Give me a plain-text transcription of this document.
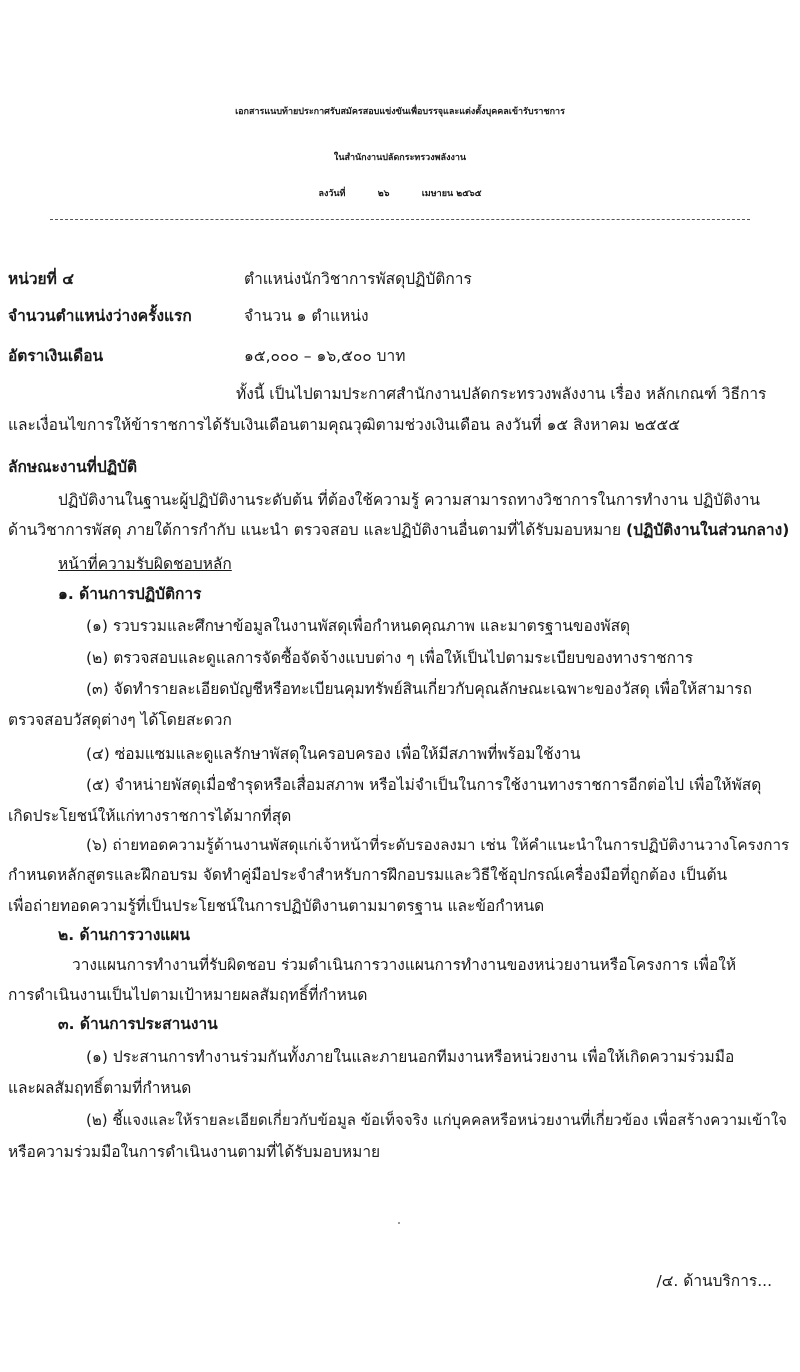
เอกสารแนบท้ายประกาศรับสมัครสอบแข่งขันเพื่อบรรจุและแต่งตั้งบุคคลเข้ารับราชการ
ในสำนักงานปลัดกระทรวงพลังงาน
ลงวันที่	๒๖	เมษายน ๒๕๖๕
หน่วยที่ ๔	ตำแหน่งนักวิชาการพัสดุปฏิบัติการ
จำนวนตำแหน่งว่างครั้งแรก	จำนวน ๑ ตำแหน่ง
อัตราเงินเดือน	๑๕,๐๐๐ – ๑๖,๕๐๐ บาท
ทั้งนี้ เป็นไปตามประกาศสำนักงานปลัดกระทรวงพลังงาน เรื่อง หลักเกณฑ์ วิธีการ
และเงื่อนไขการให้ข้าราชการได้รับเงินเดือนตามคุณวุฒิตามช่วงเงินเดือน ลงวันที่ ๑๕ สิงหาคม ๒๕๕๕
ลักษณะงานที่ปฏิบัติ
ปฏิบัติงานในฐานะผู้ปฏิบัติงานระดับต้น ที่ต้องใช้ความรู้ ความสามารถทางวิชาการในการทำงาน ปฏิบัติงาน
ด้านวิชาการพัสดุ ภายใต้การกำกับ แนะนำ ตรวจสอบ และปฏิบัติงานอื่นตามที่ได้รับมอบหมาย (ปฏิบัติงานในส่วนกลาง)
หน้าที่ความรับผิดชอบหลัก
๑. ด้านการปฏิบัติการ
(๑) รวบรวมและศึกษาข้อมูลในงานพัสดุเพื่อกำหนดคุณภาพ และมาตรฐานของพัสดุ
(๒) ตรวจสอบและดูแลการจัดซื้อจัดจ้างแบบต่าง ๆ เพื่อให้เป็นไปตามระเบียบของทางราชการ
(๓) จัดทำรายละเอียดบัญชีหรือทะเบียนคุมทรัพย์สินเกี่ยวกับคุณลักษณะเฉพาะของวัสดุ เพื่อให้สามารถ
ตรวจสอบวัสดุต่างๆ ได้โดยสะดวก
(๔) ซ่อมแซมและดูแลรักษาพัสดุในครอบครอง เพื่อให้มีสภาพที่พร้อมใช้งาน
(๕) จำหน่ายพัสดุเมื่อชำรุดหรือเสื่อมสภาพ หรือไม่จำเป็นในการใช้งานทางราชการอีกต่อไป เพื่อให้พัสดุ
เกิดประโยชน์ให้แก่ทางราชการได้มากที่สุด
(๖) ถ่ายทอดความรู้ด้านงานพัสดุแก่เจ้าหน้าที่ระดับรองลงมา เช่น ให้คำแนะนำในการปฏิบัติงานวางโครงการ
กำหนดหลักสูตรและฝึกอบรม จัดทำคู่มือประจำสำหรับการฝึกอบรมและวิธีใช้อุปกรณ์เครื่องมือที่ถูกต้อง เป็นต้น
เพื่อถ่ายทอดความรู้ที่เป็นประโยชน์ในการปฏิบัติงานตามมาตรฐาน และข้อกำหนด
๒. ด้านการวางแผน
วางแผนการทำงานที่รับผิดชอบ ร่วมดำเนินการวางแผนการทำงานของหน่วยงานหรือโครงการ เพื่อให้
การดำเนินงานเป็นไปตามเป้าหมายผลสัมฤทธิ์ที่กำหนด
๓. ด้านการประสานงาน
(๑) ประสานการทำงานร่วมกันทั้งภายในและภายนอกทีมงานหรือหน่วยงาน เพื่อให้เกิดความร่วมมือ
และผลสัมฤทธิ์ตามที่กำหนด
(๒) ชี้แจงและให้รายละเอียดเกี่ยวกับข้อมูล ข้อเท็จจริง แก่บุคคลหรือหน่วยงานที่เกี่ยวข้อง เพื่อสร้างความเข้าใจ
หรือความร่วมมือในการดำเนินงานตามที่ได้รับมอบหมาย
/๔. ด้านบริการ...
